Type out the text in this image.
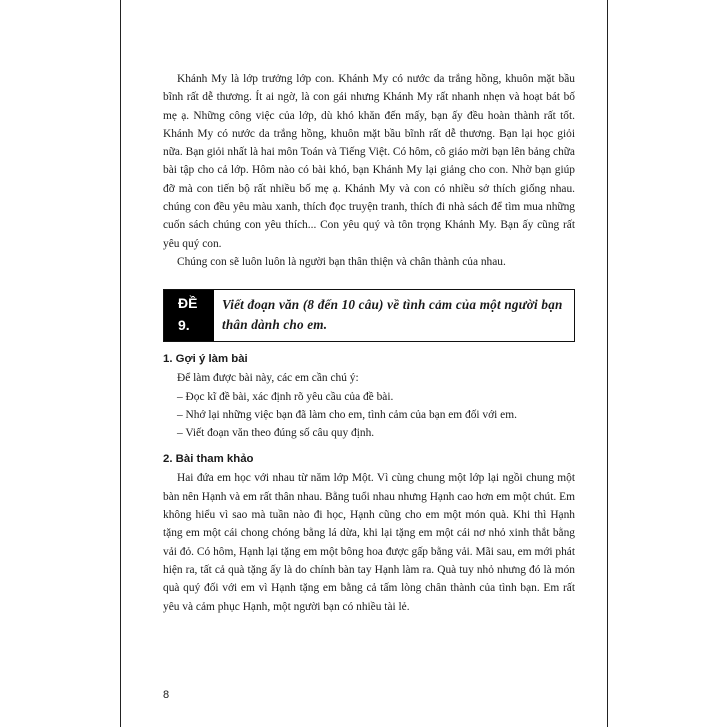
Khánh My là lớp trưởng lớp con. Khánh My có nước da trắng hồng, khuôn mặt bầu bĩnh rất dễ thương. Ít ai ngờ, là con gái nhưng Khánh My rất nhanh nhẹn và hoạt bát bố mẹ ạ. Những công việc của lớp, dù khó khăn đến mấy, bạn ấy đều hoàn thành rất tốt. Khánh My có nước da trắng hồng, khuôn mặt bầu bĩnh rất dễ thương. Bạn lại học giỏi nữa. Bạn giỏi nhất là hai môn Toán và Tiếng Việt. Có hôm, cô giáo mời bạn lên bảng chữa bài tập cho cả lớp. Hôm nào có bài khó, bạn Khánh My lại giảng cho con. Nhờ bạn giúp đỡ mà con tiến bộ rất nhiều bố mẹ ạ. Khánh My và con có nhiều sở thích giống nhau. chúng con đều yêu màu xanh, thích đọc truyện tranh, thích đi nhà sách để tìm mua những cuốn sách chúng con yêu thích... Con yêu quý và tôn trọng Khánh My. Bạn ấy cũng rất yêu quý con.

Chúng con sẽ luôn luôn là người bạn thân thiện và chân thành của nhau.

ĐỀ
9.
Viết đoạn văn (8 đến 10 câu) về tình cảm của một người bạn thân dành cho em.
1. Gợi ý làm bài

Để làm được bài này, các em cần chú ý:

– Đọc kĩ đề bài, xác định rõ yêu cầu của đề bài.

– Nhớ lại những việc bạn đã làm cho em, tình cảm của bạn em đối với em.

– Viết đoạn văn theo đúng số câu quy định.

2. Bài tham khảo

Hai đứa em học với nhau từ năm lớp Một. Vì cùng chung một lớp lại ngồi chung một bàn nên Hạnh và em rất thân nhau. Bằng tuổi nhau nhưng Hạnh cao hơn em một chút. Em không hiểu vì sao mà tuần nào đi học, Hạnh cũng cho em một món quà. Khi thì Hạnh tặng em một cái chong chóng bằng lá dừa, khi lại tặng em một cái nơ nhỏ xinh thắt bằng vải đỏ. Có hôm, Hạnh lại tặng em một bông hoa được gấp bằng vải. Mãi sau, em mới phát hiện ra, tất cả quà tặng ấy là do chính bàn tay Hạnh làm ra. Quà tuy nhỏ nhưng đó là món quà quý đối với em vì Hạnh tặng em bằng cả tấm lòng chân thành của tình bạn. Em rất yêu và cảm phục Hạnh, một người bạn có nhiều tài lẻ.

8
